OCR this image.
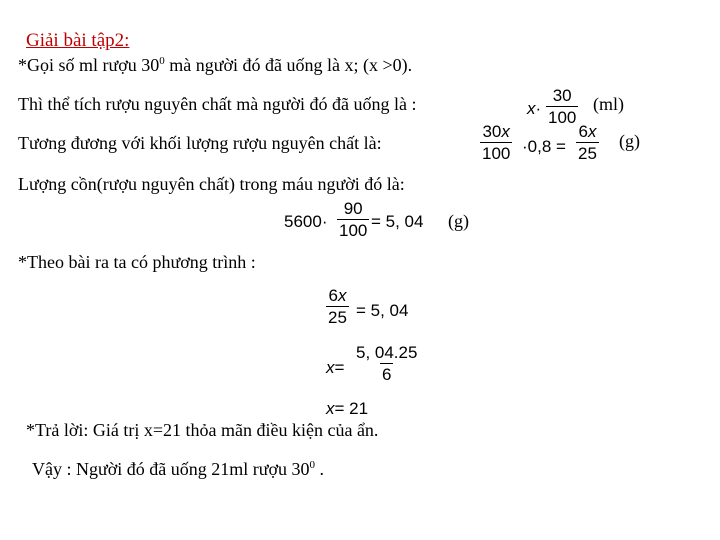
Giải bài tập2:
*Gọi số ml rượu $30^0$ mà người đó đã uống là x; (x >0).
Thì thể tích rượu nguyên chất mà người đó đã uống là :	$x\cdot \frac{30}{100} (ml)$
Tương đương với khối lượng rượu nguyên chất là:	$\frac{30x}{100} \cdot 0,8 = \frac{6x}{25} (g)$
Lượng cồn(rượu nguyên chất) trong máu người đó là:
$5600\cdot \frac{90}{100} = 5$, 04 (g)
*Theo bài ra ta có phương trình :
$\frac{6x}{25} = 5$, 04
$x= \frac{5, 04.25}{6}$
x= 21
*Trả lời: Giá trị x=21 thỏa mãn điều kiện của ẩn.
Vậy : Người đó đã uống 21ml rượu $30^0$ .
